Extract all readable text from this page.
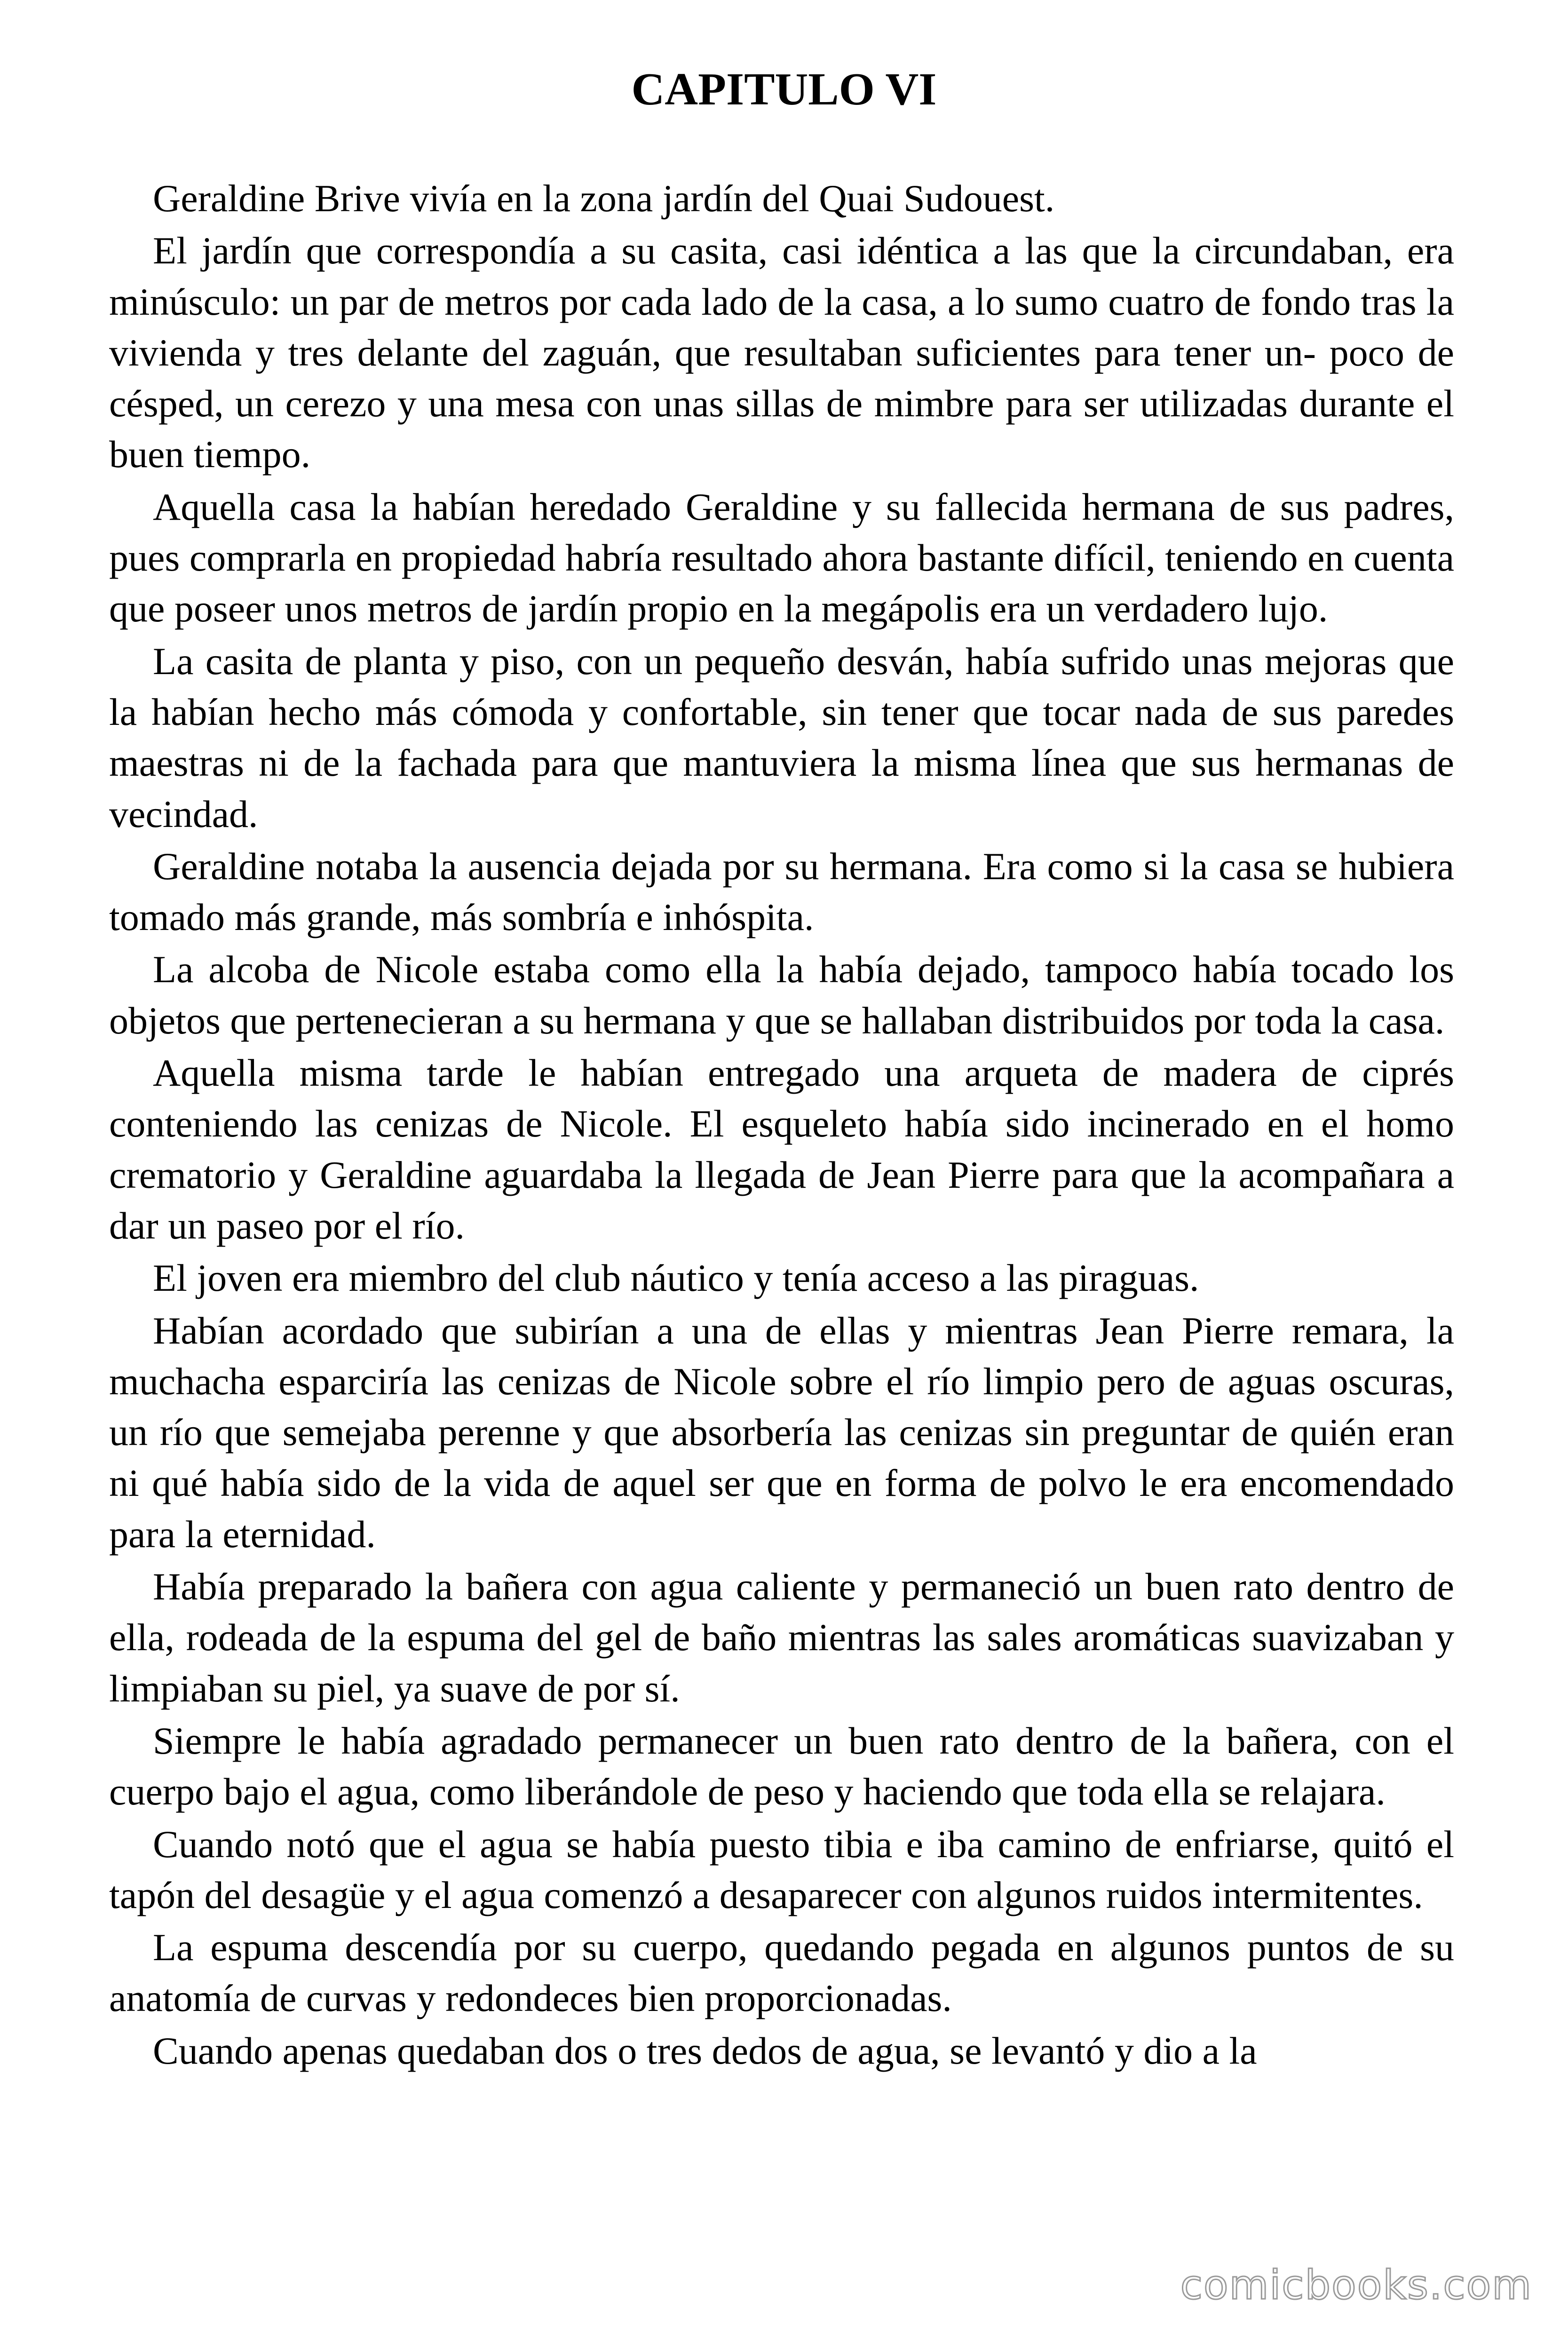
CAPITULO VI

Geraldine Brive vivía en la zona jardín del Quai Sudouest.

El jardín que correspondía a su casita, casi idéntica a las que la circundaban, era minúsculo: un par de metros por cada lado de la casa, a lo sumo cuatro de fondo tras la vivienda y tres delante del zaguán, que resultaban suficientes para tener un- poco de césped, un cerezo y una mesa con unas sillas de mimbre para ser utilizadas durante el buen tiempo.

Aquella casa la habían heredado Geraldine y su fallecida hermana de sus padres, pues comprarla en propiedad habría resultado ahora bastante difícil, teniendo en cuenta que poseer unos metros de jardín propio en la megápolis era un verdadero lujo.

La casita de planta y piso, con un pequeño desván, había sufrido unas mejoras que la habían hecho más cómoda y confortable, sin tener que tocar nada de sus paredes maestras ni de la fachada para que mantuviera la misma línea que sus hermanas de vecindad.

Geraldine notaba la ausencia dejada por su hermana. Era como si la casa se hubiera tomado más grande, más sombría e inhóspita.

La alcoba de Nicole estaba como ella la había dejado, tampoco había tocado los objetos que pertenecieran a su hermana y que se hallaban distribuidos por toda la casa.

Aquella misma tarde le habían entregado una arqueta de madera de ciprés conteniendo las cenizas de Nicole. El esqueleto había sido incinerado en el homo crematorio y Geraldine aguardaba la llegada de Jean Pierre para que la acompañara a dar un paseo por el río.

El joven era miembro del club náutico y tenía acceso a las piraguas.

Habían acordado que subirían a una de ellas y mientras Jean Pierre remara, la muchacha esparciría las cenizas de Nicole sobre el río limpio pero de aguas oscuras, un río que semejaba perenne y que absorbería las cenizas sin preguntar de quién eran ni qué había sido de la vida de aquel ser que en forma de polvo le era encomendado para la eternidad.

Había preparado la bañera con agua caliente y permaneció un buen rato dentro de ella, rodeada de la espuma del gel de baño mientras las sales aromáticas suavizaban y limpiaban su piel, ya suave de por sí.

Siempre le había agradado permanecer un buen rato dentro de la bañera, con el cuerpo bajo el agua, como liberándole de peso y haciendo que toda ella se relajara.

Cuando notó que el agua se había puesto tibia e iba camino de enfriarse, quitó el tapón del desagüe y el agua comenzó a desaparecer con algunos ruidos intermitentes.

La espuma descendía por su cuerpo, quedando pegada en algunos puntos de su anatomía de curvas y redondeces bien proporcionadas.

Cuando apenas quedaban dos o tres dedos de agua, se levantó y dio a la

comicbooks.com
